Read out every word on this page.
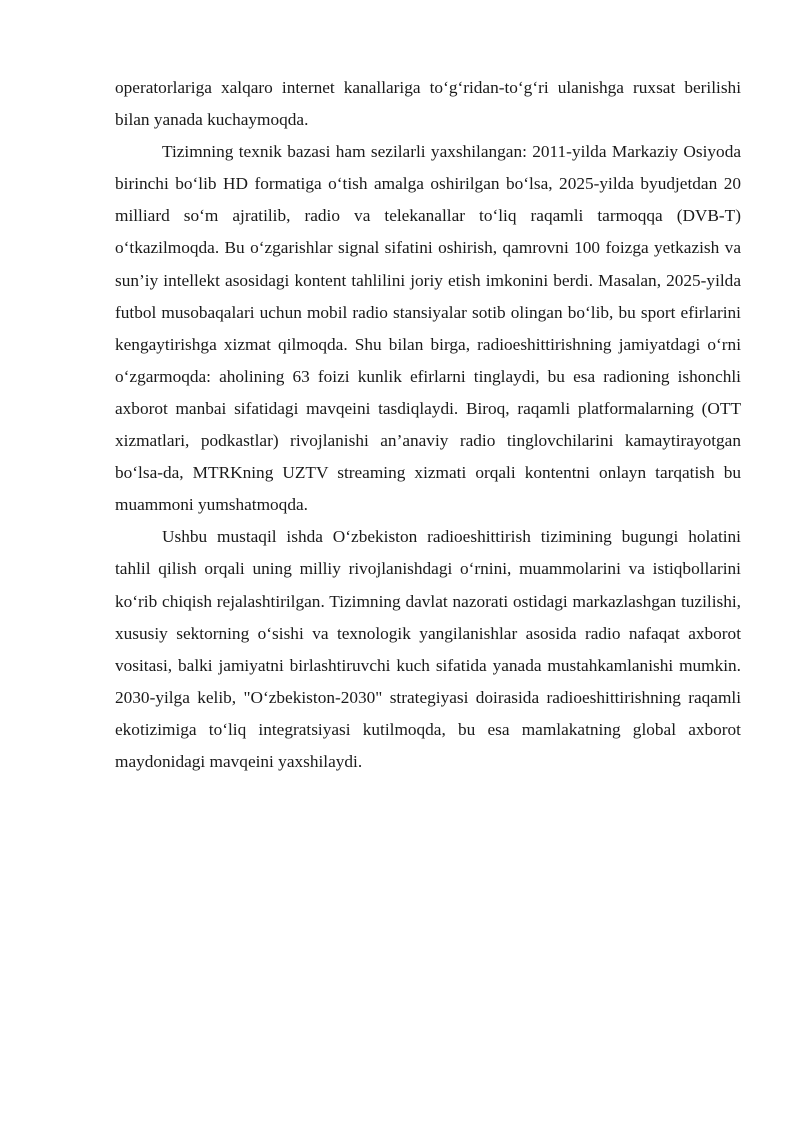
operatorlariga xalqaro internet kanallariga to‘g‘ridan-to‘g‘ri ulanishga ruxsat berilishi bilan yanada kuchaymoqda.

Tizimning texnik bazasi ham sezilarli yaxshilangan: 2011-yilda Markaziy Osiyoda birinchi bo‘lib HD formatiga o‘tish amalga oshirilgan bo‘lsa, 2025-yilda byudjetdan 20 milliard so‘m ajratilib, radio va telekanallar to‘liq raqamli tarmoqqa (DVB-T) o‘tkazilmoqda. Bu o‘zgarishlar signal sifatini oshirish, qamrovni 100 foizga yetkazish va sun’iy intellekt asosidagi kontent tahlilini joriy etish imkonini berdi. Masalan, 2025-yilda futbol musobaqalari uchun mobil radio stansiyalar sotib olingan bo‘lib, bu sport efirlarini kengaytirishga xizmat qilmoqda. Shu bilan birga, radioeshittirishning jamiyatdagi o‘rni o‘zgarmoqda: aholining 63 foizi kunlik efirlarni tinglaydi, bu esa radioning ishonchli axborot manbai sifatidagi mavqeini tasdiqlaydi. Biroq, raqamli platformalarning (OTT xizmatlari, podkastlar) rivojlanishi an’anaviy radio tinglovchilarini kamaytirayotgan bo‘lsa-da, MTRKning UZTV streaming xizmati orqali kontentni onlayn tarqatish bu muammoni yumshatmoqda.

Ushbu mustaqil ishda O‘zbekiston radioeshittirish tizimining bugungi holatini tahlil qilish orqali uning milliy rivojlanishdagi o‘rnini, muammolarini va istiqbollarini ko‘rib chiqish rejalashtirilgan. Tizimning davlat nazorati ostidagi markazlashgan tuzilishi, xususiy sektorning o‘sishi va texnologik yangilanishlar asosida radio nafaqat axborot vositasi, balki jamiyatni birlashtiruvchi kuch sifatida yanada mustahkamlanishi mumkin. 2030-yilga kelib, "O‘zbekiston-2030" strategiyasi doirasida radioeshittirishning raqamli ekotizimiga to‘liq integratsiyasi kutilmoqda, bu esa mamlakatning global axborot maydonidagi mavqeini yaxshilaydi.
